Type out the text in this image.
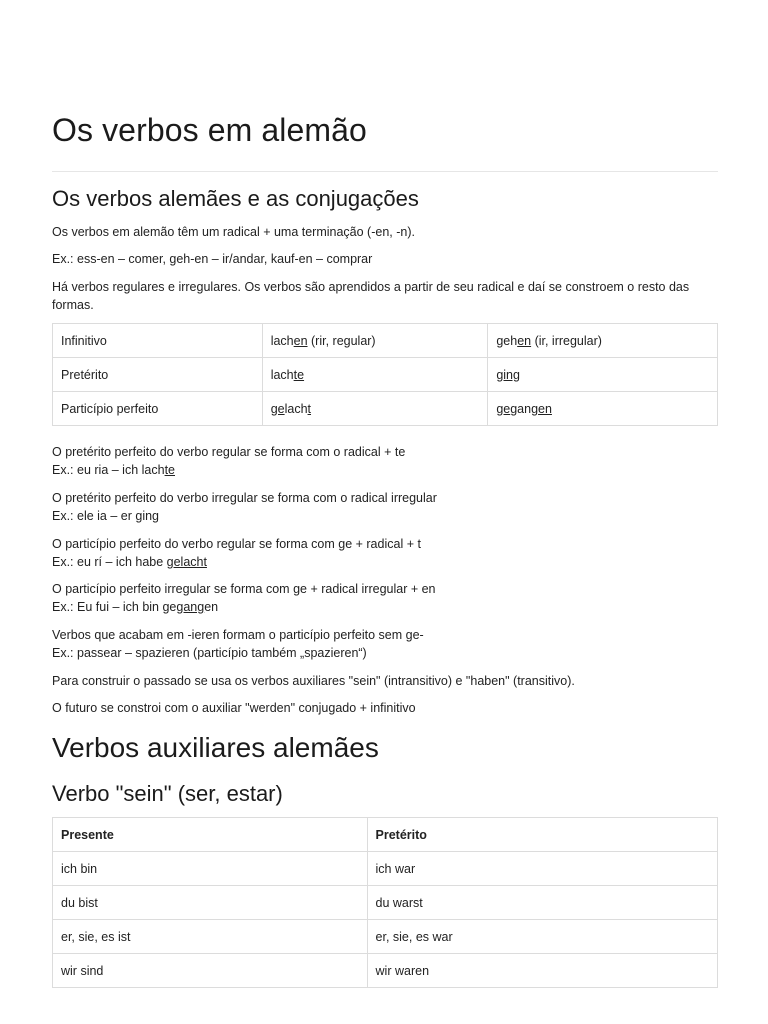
Os verbos em alemão
Os verbos alemães e as conjugações

Os verbos em alemão têm um radical + uma terminação (-en, -n).

Ex.: ess-en – comer, geh-en – ir/andar, kauf-en – comprar

Há verbos regulares e irregulares. Os verbos são aprendidos a partir de seu radical e daí se constroem o resto das formas.

Infinitivo	lachen (rir, regular)	gehen (ir, irregular)
Pretérito	lachte	ging
Particípio perfeito	gelacht	gegangen

O pretérito perfeito do verbo regular se forma com o radical + te
Ex.: eu ria – ich lachte

O pretérito perfeito do verbo irregular se forma com o radical irregular
Ex.: ele ia – er ging

O particípio perfeito do verbo regular se forma com ge + radical + t
Ex.: eu rí – ich habe gelacht

O particípio perfeito irregular se forma com ge + radical irregular + en
Ex.: Eu fui – ich bin gegangen

Verbos que acabam em -ieren formam o particípio perfeito sem ge-
Ex.: passear – spazieren (particípio também „spazieren“)

Para construir o passado se usa os verbos auxiliares "sein" (intransitivo) e "haben" (transitivo).

O futuro se constroi com o auxiliar "werden" conjugado + infinitivo

Verbos auxiliares alemães
Verbo "sein" (ser, estar)
Presente	Pretérito
ich bin	ich war
du bist	du warst
er, sie, es ist	er, sie, es war
wir sind	wir waren
